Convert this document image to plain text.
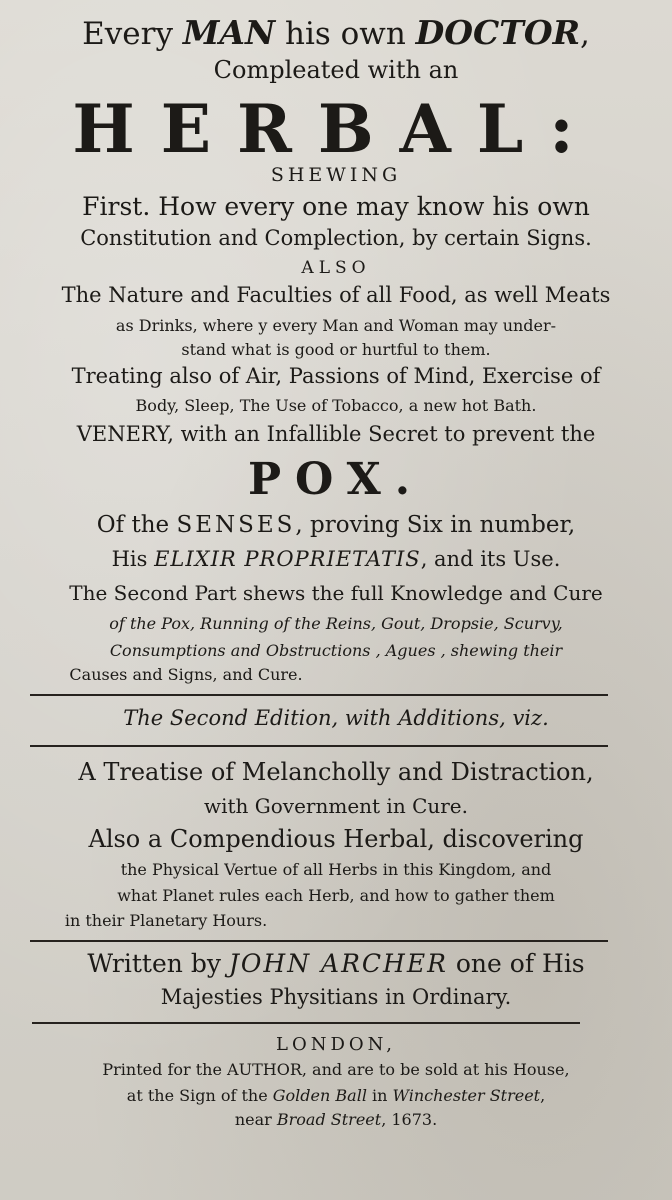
Every MAN his own DOCTOR,
Compleated with an
HERBAL:
SHEWING
First. How every one may know his own
Constitution and Complection, by certain Signs.
ALSO
The Nature and Faculties of all Food, as well Meats
as Drinks, where y every Man and Woman may under-
stand what is good or hurtful to them.
Treating also of Air, Passions of Mind, Exercise of
Body, Sleep, The Use of Tobacco, a new hot Bath.
VENERY, with an Infallible Secret to prevent the
POX.
Of the SENSES, proving Six in number,
His ELIXIR PROPRIETATIS, and its Use.
The Second Part shews the full Knowledge and Cure
of the Pox, Running of the Reins, Gout, Dropsie, Scurvy,
Consumptions and Obstructions , Agues , shewing their
Causes and Signs, and Cure.
The Second Edition, with Additions, viz.
A Treatise of Melancholly and Distraction,
with Government in Cure.
Also a Compendious Herbal, discovering
the Physical Vertue of all Herbs in this Kingdom, and
what Planet rules each Herb, and how to gather them
in their Planetary Hours.
Written by JOHN ARCHER one of His
Majesties Physitians in Ordinary.
LONDON,
Printed for the AUTHOR, and are to be sold at his House,
at the Sign of the Golden Ball in Winchester Street,
near Broad Street, 1673.
